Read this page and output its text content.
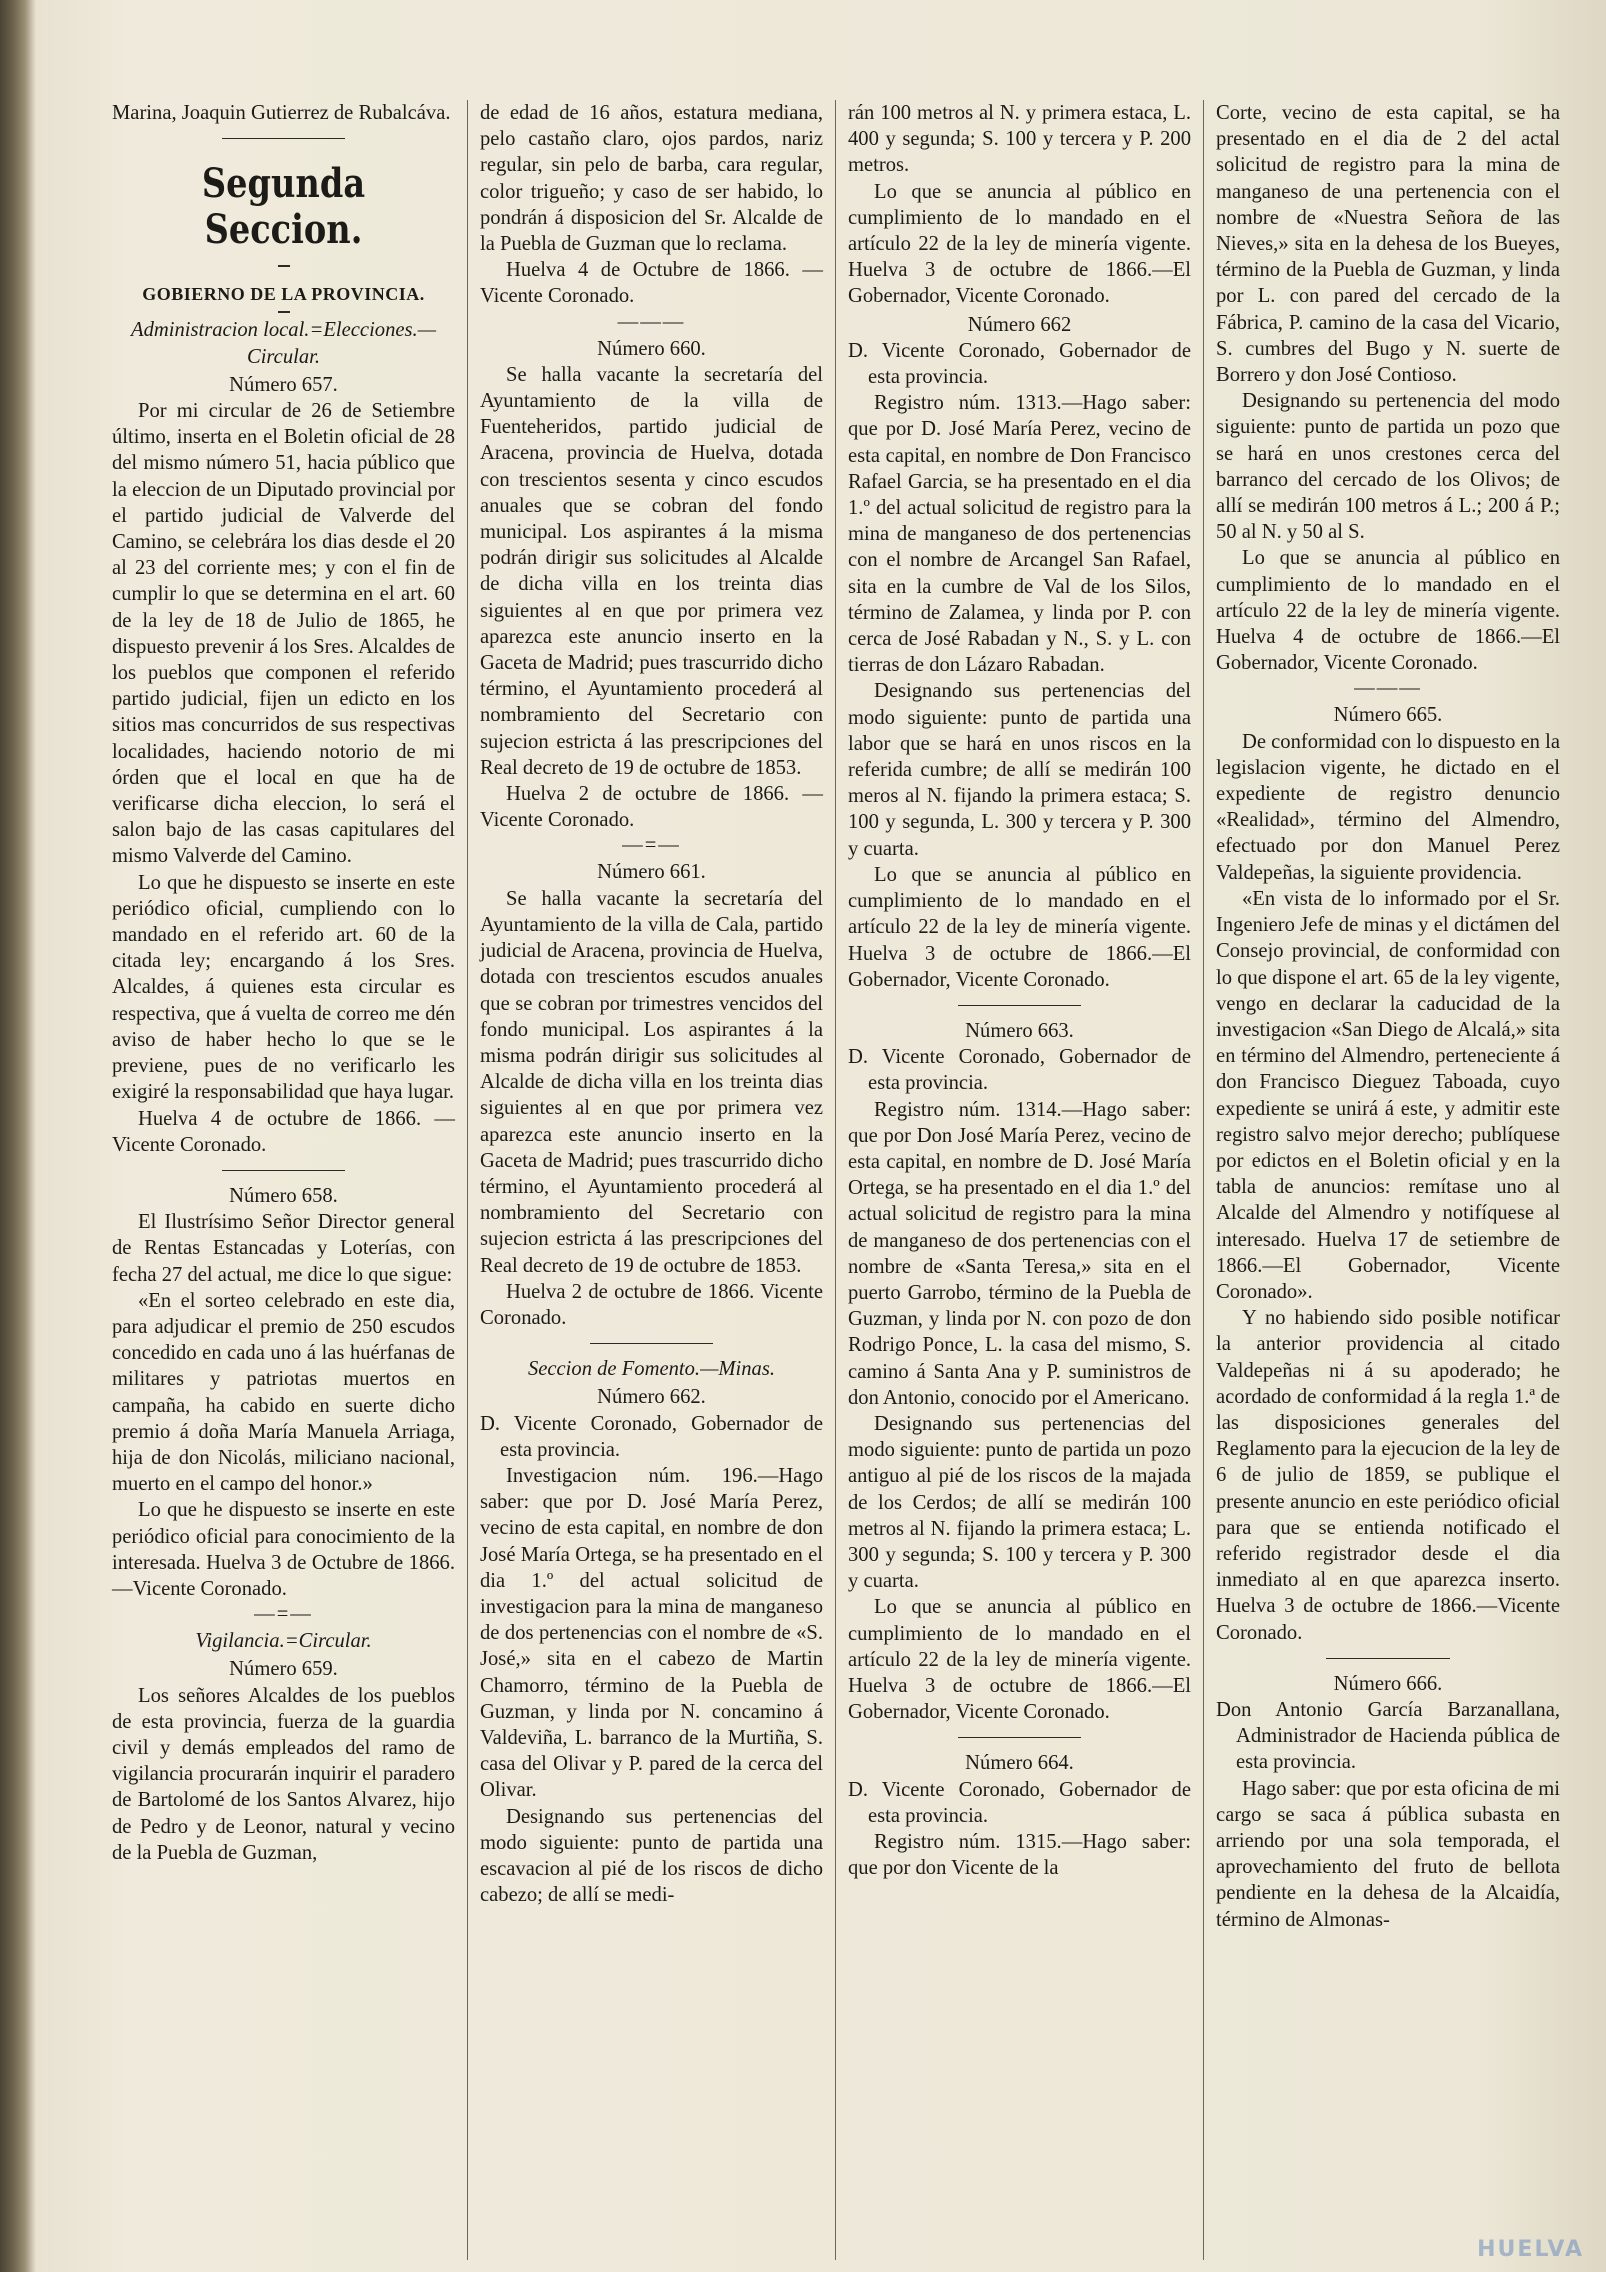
Marina, Joaquin Gutierrez de Rubalcáva.

Segunda Seccion.
GOBIERNO DE LA PROVINCIA.
Administracion local.=Elecciones.—Circular.
Número 657.

Por mi circular de 26 de Setiembre último, inserta en el Boletin oficial de 28 del mismo número 51, hacia público que la eleccion de un Diputado provincial por el partido judicial de Valverde del Camino, se celebrára los dias desde el 20 al 23 del corriente mes; y con el fin de cumplir lo que se determina en el art. 60 de la ley de 18 de Julio de 1865, he dispuesto prevenir á los Sres. Alcaldes de los pueblos que componen el referido partido judicial, fijen un edicto en los sitios mas concurridos de sus respectivas localidades, haciendo notorio de mi órden que el local en que ha de verificarse dicha eleccion, lo será el salon bajo de las casas capitulares del mismo Valverde del Camino.

Lo que he dispuesto se inserte en este periódico oficial, cumpliendo con lo mandado en el referido art. 60 de la citada ley; encargando á los Sres. Alcaldes, á quienes esta circular es respectiva, que á vuelta de correo me dén aviso de haber hecho lo que se le previene, pues de no verificarlo les exigiré la responsabilidad que haya lugar.

Huelva 4 de octubre de 1866. —Vicente Coronado.

Número 658.

El Ilustrísimo Señor Director general de Rentas Estancadas y Loterías, con fecha 27 del actual, me dice lo que sigue:

«En el sorteo celebrado en este dia, para adjudicar el premio de 250 escudos concedido en cada uno á las huérfanas de militares y patriotas muertos en campaña, ha cabido en suerte dicho premio á doña María Manuela Arriaga, hija de don Nicolás, miliciano nacional, muerto en el campo del honor.»

Lo que he dispuesto se inserte en este periódico oficial para conocimiento de la interesada. Huelva 3 de Octubre de 1866.—Vicente Coronado.

—=—
Vigilancia.=Circular.
Número 659.

Los señores Alcaldes de los pueblos de esta provincia, fuerza de la guardia civil y demás empleados del ramo de vigilancia procurarán inquirir el paradero de Bartolomé de los Santos Alvarez, hijo de Pedro y de Leonor, natural y vecino de la Puebla de Guzman,

de edad de 16 años, estatura mediana, pelo castaño claro, ojos pardos, nariz regular, sin pelo de barba, cara regular, color trigueño; y caso de ser habido, lo pondrán á disposicion del Sr. Alcalde de la Puebla de Guzman que lo reclama.

Huelva 4 de Octubre de 1866. —Vicente Coronado.

———
Número 660.

Se halla vacante la secretaría del Ayuntamiento de la villa de Fuenteheridos, partido judicial de Aracena, provincia de Huelva, dotada con trescientos sesenta y cinco escudos anuales que se cobran del fondo municipal. Los aspirantes á la misma podrán dirigir sus solicitudes al Alcalde de dicha villa en los treinta dias siguientes al en que por primera vez aparezca este anuncio inserto en la Gaceta de Madrid; pues trascurrido dicho término, el Ayuntamiento procederá al nombramiento del Secretario con sujecion estricta á las prescripciones del Real decreto de 19 de octubre de 1853.

Huelva 2 de octubre de 1866. —Vicente Coronado.

—=—
Número 661.

Se halla vacante la secretaría del Ayuntamiento de la villa de Cala, partido judicial de Aracena, provincia de Huelva, dotada con trescientos escudos anuales que se cobran por trimestres vencidos del fondo municipal. Los aspirantes á la misma podrán dirigir sus solicitudes al Alcalde de dicha villa en los treinta dias siguientes al en que por primera vez aparezca este anuncio inserto en la Gaceta de Madrid; pues trascurrido dicho término, el Ayuntamiento procederá al nombramiento del Secretario con sujecion estricta á las prescripciones del Real decreto de 19 de octubre de 1853.

Huelva 2 de octubre de 1866. Vicente Coronado.

Seccion de Fomento.—Minas.
Número 662.

D. Vicente Coronado, Gobernador de esta provincia.

Investigacion núm. 196.—Hago saber: que por D. José María Perez, vecino de esta capital, en nombre de don José María Ortega, se ha presentado en el dia 1.º del actual solicitud de investigacion para la mina de manganeso de dos pertenencias con el nombre de «S. José,» sita en el cabezo de Martin Chamorro, término de la Puebla de Guzman, y linda por N. concamino á Valdeviña, L. barranco de la Murtiña, S. casa del Olivar y P. pared de la cerca del Olivar.

Designando sus pertenencias del modo siguiente: punto de partida una escavacion al pié de los riscos de dicho cabezo; de allí se medi-

rán 100 metros al N. y primera estaca, L. 400 y segunda; S. 100 y tercera y P. 200 metros.

Lo que se anuncia al público en cumplimiento de lo mandado en el artículo 22 de la ley de minería vigente. Huelva 3 de octubre de 1866.—El Gobernador, Vicente Coronado.

Número 662

D. Vicente Coronado, Gobernador de esta provincia.

Registro núm. 1313.—Hago saber: que por D. José María Perez, vecino de esta capital, en nombre de Don Francisco Rafael Garcia, se ha presentado en el dia 1.º del actual solicitud de registro para la mina de manganeso de dos pertenencias con el nombre de Arcangel San Rafael, sita en la cumbre de Val de los Silos, término de Zalamea, y linda por P. con cerca de José Rabadan y N., S. y L. con tierras de don Lázaro Rabadan.

Designando sus pertenencias del modo siguiente: punto de partida una labor que se hará en unos riscos en la referida cumbre; de allí se medirán 100 meros al N. fijando la primera estaca; S. 100 y segunda, L. 300 y tercera y P. 300 y cuarta.

Lo que se anuncia al público en cumplimiento de lo mandado en el artículo 22 de la ley de minería vigente. Huelva 3 de octubre de 1866.—El Gobernador, Vicente Coronado.

Número 663.

D. Vicente Coronado, Gobernador de esta provincia.

Registro núm. 1314.—Hago saber: que por Don José María Perez, vecino de esta capital, en nombre de D. José María Ortega, se ha presentado en el dia 1.º del actual solicitud de registro para la mina de manganeso de dos pertenencias con el nombre de «Santa Teresa,» sita en el puerto Garrobo, término de la Puebla de Guzman, y linda por N. con pozo de don Rodrigo Ponce, L. la casa del mismo, S. camino á Santa Ana y P. suministros de don Antonio, conocido por el Americano.

Designando sus pertenencias del modo siguiente: punto de partida un pozo antiguo al pié de los riscos de la majada de los Cerdos; de allí se medirán 100 metros al N. fijando la primera estaca; L. 300 y segunda; S. 100 y tercera y P. 300 y cuarta.

Lo que se anuncia al público en cumplimiento de lo mandado en el artículo 22 de la ley de minería vigente. Huelva 3 de octubre de 1866.—El Gobernador, Vicente Coronado.

Número 664.

D. Vicente Coronado, Gobernador de esta provincia.

Registro núm. 1315.—Hago saber: que por don Vicente de la

Corte, vecino de esta capital, se ha presentado en el dia de 2 del actal solicitud de registro para la mina de manganeso de una pertenencia con el nombre de «Nuestra Señora de las Nieves,» sita en la dehesa de los Bueyes, término de la Puebla de Guzman, y linda por L. con pared del cercado de la Fábrica, P. camino de la casa del Vicario, S. cumbres del Bugo y N. suerte de Borrero y don José Contioso.

Designando su pertenencia del modo siguiente: punto de partida un pozo que se hará en unos crestones cerca del barranco del cercado de los Olivos; de allí se medirán 100 metros á L.; 200 á P.; 50 al N. y 50 al S.

Lo que se anuncia al público en cumplimiento de lo mandado en el artículo 22 de la ley de minería vigente. Huelva 4 de octubre de 1866.—El Gobernador, Vicente Coronado.

———
Número 665.

De conformidad con lo dispuesto en la legislacion vigente, he dictado en el expediente de registro denuncio «Realidad», término del Almendro, efectuado por don Manuel Perez Valdepeñas, la siguiente providencia.

«En vista de lo informado por el Sr. Ingeniero Jefe de minas y el dictámen del Consejo provincial, de conformidad con lo que dispone el art. 65 de la ley vigente, vengo en declarar la caducidad de la investigacion «San Diego de Alcalá,» sita en término del Almendro, perteneciente á don Francisco Dieguez Taboada, cuyo expediente se unirá á este, y admitir este registro salvo mejor derecho; publíquese por edictos en el Boletin oficial y en la tabla de anuncios: remítase uno al Alcalde del Almendro y notifíquese al interesado. Huelva 17 de setiembre de 1866.—El Gobernador, Vicente Coronado».

Y no habiendo sido posible notificar la anterior providencia al citado Valdepeñas ni á su apoderado; he acordado de conformidad á la regla 1.ª de las disposiciones generales del Reglamento para la ejecucion de la ley de 6 de julio de 1859, se publique el presente anuncio en este periódico oficial para que se entienda notificado el referido registrador desde el dia inmediato al en que aparezca inserto. Huelva 3 de octubre de 1866.—Vicente Coronado.

Número 666.

Don Antonio García Barzanallana, Administrador de Hacienda pública de esta provincia.

Hago saber: que por esta oficina de mi cargo se saca á pública subasta en arriendo por una sola temporada, el aprovechamiento del fruto de bellota pendiente en la dehesa de la Alcaidía, término de Almonas-

HUELVA
